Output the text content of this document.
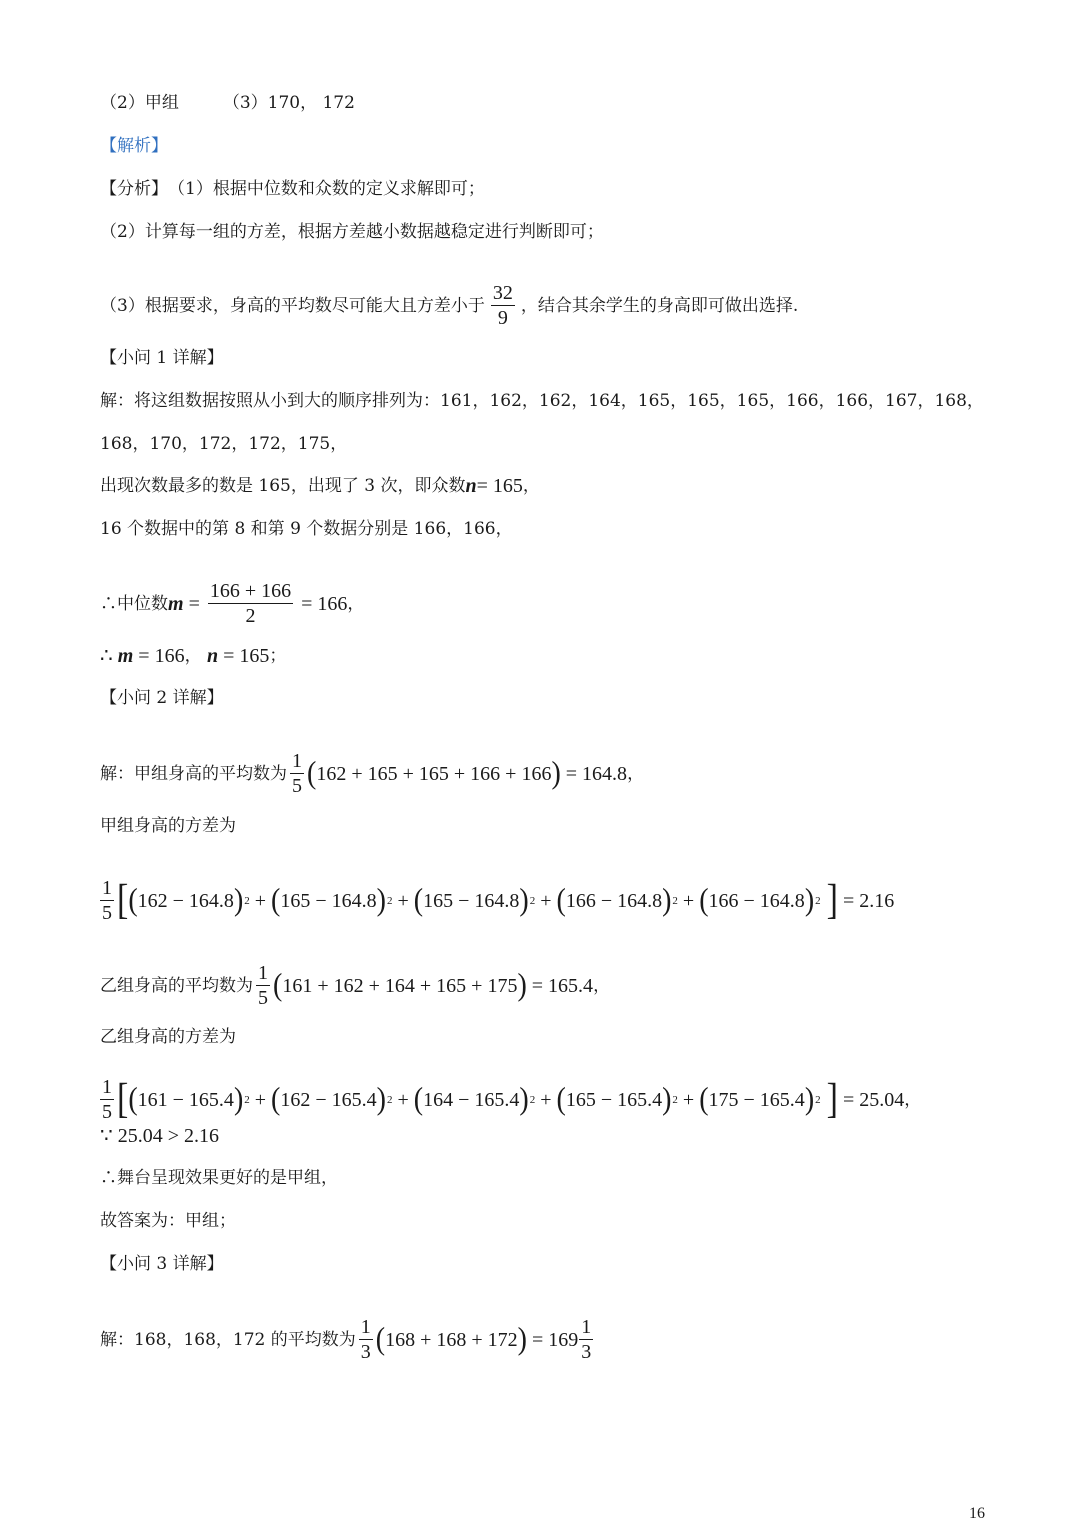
（2）甲组	（3）170， 172
【解析】
【分析】 （1）根据中位数和众数的定义求解即可；
（2）计算每一组的方差，根据方差越小数据越稳定进行判断即可；
（3）根据要求，身高的平均数尽可能大且方差小于 $\frac{32}{9}$ ，结合其余学生的身高即可做出选择.
【小问 1 详解】
解：将这组数据按照从小到大的顺序排列为：161，162，162，164，165，165，165，166，166，167，168，
168，170，172，172，175，
出现次数最多的数是 165，出现了 3 次，即众数 n = 165 ，
16 个数据中的第 8 和第 9 个数据分别是 166，166，
∴中位数 $m = \frac{166 + 166}{2} = 166$ ，
∴ m = 166 ， n = 165 ；
【小问 2 详解】
解：甲组身高的平均数为 $\frac{1}{5}$ ( 162 + 165 + 165 + 166 + 166 ) = 164.8 ，
甲组身高的方差为
$\frac{1}{5}$ [ ( 162 − 164.8 ) 2 + ( 165 − 164.8 ) 2 + ( 165 − 164.8 ) 2 + ( 166 − 164.8 ) 2 + ( 166 − 164.8 ) 2 ] = 2.16
乙组身高的平均数为 $\frac{1}{5}$ ( 161 + 162 + 164 + 165 + 175 ) = 165.4 ，
乙组身高的方差为
$\frac{1}{5}$ [ ( 161 − 165.4 ) 2 + ( 162 − 165.4 ) 2 + ( 164 − 165.4 ) 2 + ( 165 − 165.4 ) 2 + ( 175 − 165.4 ) 2 ] = 25.04 ，
∵ 25.04 > 2.16
∴舞台呈现效果更好的是甲组，
故答案为：甲组；
【小问 3 详解】
解：168，168，172 的平均数为 $\frac{1}{3}$ ( 168 + 168 + 172 ) = $169 \frac{1}{3}$
16
